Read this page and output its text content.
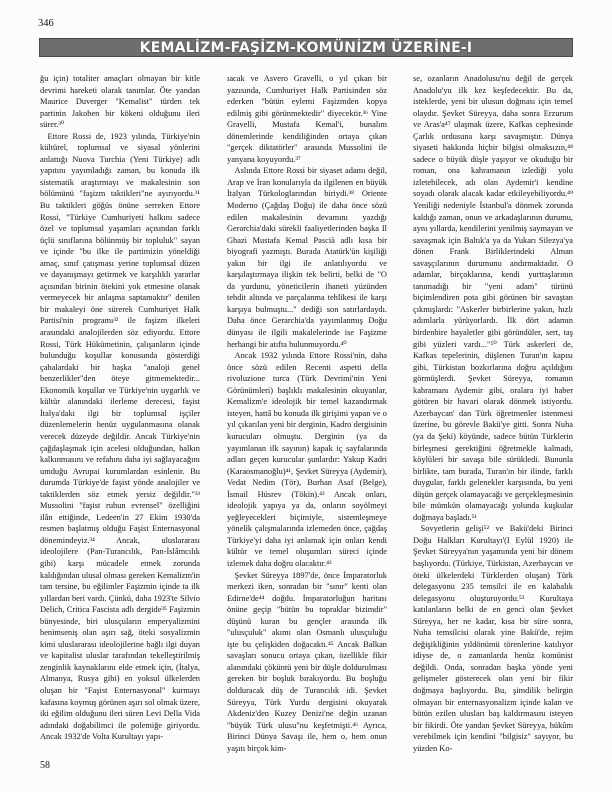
346
KEMALİZM-FAŞİZM-KOMÜNİZM ÜZERİNE-I

ğu için) totaliter amaçları olmayan bir kitle devrimi hareketi olarak tanımlar. Öte yandan Maurice Duverger "Kemalist" türden tek partinin Jakoben bir kökeni olduğunu ileri sürer.³⁰

Ettore Rossi de, 1923 yılında, Türkiye'nin kültürel, toplumsal ve siyasal yönlerini anlattığı Nuova Turchia (Yeni Türkiye) adlı yapıtını yayımladığı zaman, bu konuda ilk sistematik araştırmayı ve makalesinin son bölümünü "faşizm taktikleri"ne ayırıyordu.³¹ Bu taktikleri göğüs önüne serreken Ettore Rossi, "Türkiye Cumhuriyeti halkını sadece özel ve toplumsal yaşamları açısından farklı üçlü sınıflarına bölünmüş bir topluluk" sayan ve içinde "bu ilke ile partimizin yöneldiği amaç, sınıf çatışması yerine toplumsal düzen ve dayanışmayı getirmek ve karşılıklı yararlar açısından birinin ötekini yok etmesine olanak vermeyecek bir anlaşma saptamaktır" denilen bir makaleyi öne sürerek Cumhuriyet Halk Partisi'nin programı³² ile faşizm ilkeleri arasındaki analojilerden söz ediyordu. Ettore Rossi, Türk Hükümetinin, çalışanların içinde bulunduğu koşullar konusunda gösterdiği çabalardaki bir başka "analoji genel benzerlikler"den öteye gitmemektedir... Ekonomik koşullar ve Türkiye'nin uygarlık ve kültür alanındaki ilerleme derecesi, faşist İtalya'daki ilgi bir toplumsal işçiler düzenlemelerin henüz uygulanmasına olanak verecek düzeyde değildir. Ancak Türkiye'nin çağdaşlaşmak için acelesi olduğundan, halkın kalkınmasını ve refahını daha iyi sağlayacağını umduğu Avrupai kurumlardan esinlenir. Bu durumda Türkiye'de faşist yönde analojiler ve taktiklerden söz etmek yersiz değildir."³³ Mussolini "faşist ruhun evrensel" özelliğini ilân ettiğinde, Ledeen'in 27 Ekim 1930'da resmen başlatmış olduğu Faşist Enternasyonal dönemindeyiz.³⁴ Ancak, uluslararası ideolojilere (Pan-Turancılık, Pan-İslâmcılık gibi) karşı mücadele etmek zorunda kaldığından ulusal olması gereken Kemalizm'in tam tersine, bu eğilimler Faşizmin içinde ta ilk yıllardan beri vardı. Çünkü, daha 1923'te Silvio Delich, Critica Fascista adlı dergide³⁵ Faşizmin bünyesinde, biri ulusçuların emperyalizmini benimseniş olan aşırı sağ, öteki sosyalizmin kimi uluslararası ideolojilerine bağlı ilgi duyan ve kapitalist uluslar tarafından tekelleştirilmiş zenginlik kaynaklarını elde etmek için, (İtalya, Almanya, Rusya gibi) en yoksul ülkelerden oluşan bir "Faşist Enternasyonal" kurmayı kafasına koymuş görünen aşırı sol olmak üzere, iki eğilim olduğunu ileri süren Levi Della Vida adındaki doğabilimci ile polemiğe giriyordu. Ancak 1932'de Volta Kurultayı yapı-

ıacak ve Asvero Gravelli, o yıl çıkan bir yazısında, Cumhuriyet Halk Partisinden söz ederken "bütün eylemi Faşizmden kopya edilmiş gibi görünmektedir" diyecektir.³⁶ Yine Gravelli, Mustafa Kemal'i, bunalım dönemlerinde kendiliğinden ortaya çıkan "gerçek diktatörler" arasında Mussolini ile yanyana koyuyordu.³⁷

Aslında Ettore Rossi bir siyaset adamı değil, Arap ve İran konularıyla da ilgilenen en büyük İtalyan Türkologlarından biriydi.³⁸ Oriente Moderno (Çağdaş Doğu) ile daha önce sözü edilen makalesinin devamını yazdığı Gerarchia'daki sürekli faaliyetlerinden başka Il Ghazi Mustafa Kemal Pascià adlı kısa bir biyografi yazmıştı. Burada Atatürk'ün kişiliği yakın bir ilgi ile anlatılıyordu ve karşılaştırmaya ilişkin tek belirti, belki de "O da yurdunu, yöneticilerin ihaneti yüzünden tehdit altında ve parçalanma tehlikesi ile karşı karşıya bulmuştu..." dediği son satırlardaydı. Daha önce Gerarchia'da yayımlanmış Doğu dünyası ile ilgili makalelerinde ise Faşizme herhangi bir atıfta bulunmuyordu.⁴⁰

Ancak 1932 yılında Ettore Rossi'nin, daha önce sözü edilen Recenti aspetti della rivoluzione turca (Türk Devrimi'nin Yeni Görünümleri) başlıklı makalesinin okuyanlar, Kemalizm'e ideolojik bir temel kazandırmak isteyen, hattâ bu konuda ilk girişimi yapan ve o yıl çıkarılan yeni bir derginin, Kadro dergisinin kurucuları olmuştu. Derginin (ya da yayımlanan ilk sayının) kapak iç sayfalarında adları geçen kurucular şunlardır: Yakup Kadri (Karaosmanoğlu)⁴¹, Şevket Süreyya (Aydemir), Vedat Nedim (Tör), Burhan Asaf (Belge), İsmail Hüsrev (Tökin).⁴² Ancak onları, ideolojik yapıya ya da, onların soyölmeyi yeğleyecekleri biçimiyle, sistemleşmeye yönelik çalışmalarında izlemeden önce, çağdaş Türkiye'yi daha iyi anlamak için onları kendi kültür ve temel oluşumları süreci içinde izlemek daha doğru olacaktır.⁴³

Şevket Süreyya 1897'de, önce İmparatorluk merkezi iken, sonradan bir "sınır" kenti olan Edirne'de⁴⁴ doğdu. İmparatorluğun haritası önüne geçip "bütün bu topraklar bizimdir" düşünü kuran bu gençler arasında ilk "ulusçuluk" akımı olan Osmanlı ulusçuluğu işte bu çelişkiden doğacaktı.⁴⁵ Ancak Balkan savaşları sonucu ortaya çıkan, özellikle fikir alanındaki çöküntü yeni bir düşle doldurulması gereken bir boşluk bırakıyordu. Bu boşluğu dolduracak düş de Turancılık idi. Şevket Süreyya, Türk Yurdu dergisini okuyarak Akdeniz'den Kuzey Denizi'ne değin uzanan "büyük Türk ulusu"nu keşfetmişti.⁴⁶ Ayrıca, Birinci Dünya Savaşı ile, hem o, hem onun yaşıtı birçok kim-

se, ozanların Anadolusu'nu değil de gerçek Anadolu'yu ilk kez keşfedecektir. Bu da, isteklerde, yeni bir ulusun doğması için temel olaydır. Şevket Süreyya, daha sonra Erzurum ve Aras'a⁴⁷ ulaşmak üzere, Kafkas cephesinde Çarlık ordusuna karşı savaşmıştır. Dünya siyaseti hakkında hiçbir bilgisi olmaksızın,⁴⁸ sadece o büyük düşle yaşıyor ve okuduğu bir roman, ona kahramanın izlediği yolu izletebilecek, adı olan Aydemir'i kendine soyadı olarak alacak kadar etkileyebiliyordu.⁴⁹ Yeniliği nedeniyle İstanbul'a dönmek zorunda kaldığı zaman, onun ve arkadaşlarının durumu, aynı yıllarda, kendilerini yenilmiş saymayan ve savaşmak için Baltık'a ya da Yukarı Silezya'ya dönen Frank Birliklerindeki Alman savaşçılarının durumunu andırmaktadır. O adamlar, birçoklarına, kendi yurttaşlarının tanımadığı bir "yeni adam" türünü biçimlendiren pota gibi görünen bir savaştan çıkmışlardı: "Askerler birbirlerine yakın, hızlı adımlarla yürüyorlardı. İlk dört adamın birdenbire hayaletler gibi göründüler, sert, taş gibi yüzleri vardı..."⁵⁰ Türk askerleri de, Kafkas tepelerinin, düşlenen Turan'ın kapısı gibi, Türkistan bozkırlarına doğru açıldığını görmüşlerdi. Şevket Süreyya, romanın kahramanı Aydemir gibi, oralara iyi haber götüren bir havari olarak dönmek istiyordu. Azerbaycan' dan Türk öğretmenler istenmesi üzerine, bu görevle Bakü'ye gitti. Sonra Nuha (ya da Şeki) köyünde, sadece bütün Türklerin birleşmesi gerektiğini öğretmekle kalmadı, köylüleri bir savaşa bile sürükledi. Bununla birlikte, tam burada, Turan'ın bir ilinde, farklı duygular, farklı gelenekler karşısında, bu yeni düşün gerçek olamayacağı ve gerçekleşmesinin bile mümkün olamayacağı yolunda kuşkular doğmaya başladı.⁵¹

Sovyetlerin gelişi⁵² ve Bakü'deki Birinci Doğu Halkları Kurultayı'(I Eylül 1920) ile Şevket Süreyya'nın yaşamında yeni bir dönem başlıyordu. (Türkiye, Türkistan, Azerbaycan ve öteki ülkelerdeki Türklerden oluşan) Türk delegasyonu 235 temsilci ile en kalabalık delegasyonu oluşturuyordu.⁵³ Kurultaya katılanların belki de en genci olan Şevket Süreyya, her ne kadar, kısa bir süre sonra, Nuha temsilcisi olarak yine Bakü'de, rejim değişikliğinin yıldönümü törenlerine katılıyor idiyse de, o zamanlarda henüz komünist değildi. Onda, sonradan başka yönde yeni gelişmeler gösterecek olan yeni bir fikir doğmaya başlıyordu. Bu, şimdilik belirgin olmayan bir enternasyonalizm içinde kalan ve bütün ezilen ulusları baş kaldırmasını isteyen bir fikirdi. Öte yandan Şevket Süreyya, hükûm verebilmek için kendini "bilgisiz" sayıyor, bu yüzden Ko-

58
